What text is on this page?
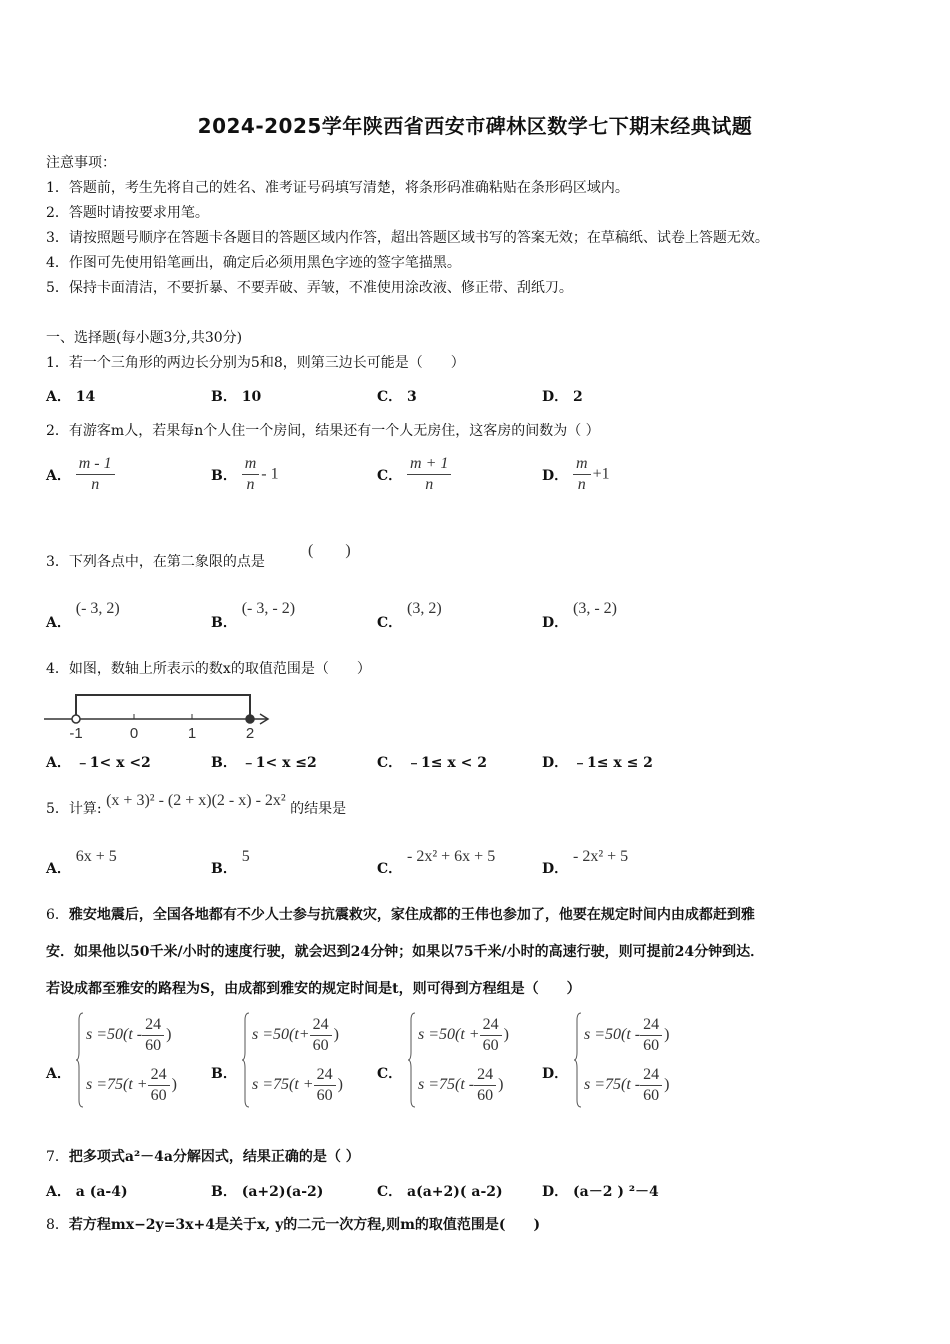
2024-2025学年陕西省西安市碑林区数学七下期末经典试题
注意事项：
1．答题前，考生先将自己的姓名、准考证号码填写清楚，将条形码准确粘贴在条形码区域内。
2．答题时请按要求用笔。
3．请按照题号顺序在答题卡各题目的答题区域内作答，超出答题区域书写的答案无效；在草稿纸、试卷上答题无效。
4．作图可先使用铅笔画出，确定后必须用黑色字迹的签字笔描黑。
5．保持卡面清洁，不要折暴、不要弄破、弄皱，不准使用涂改液、修正带、刮纸刀。
一、选择题(每小题3分,共30分)
1．若一个三角形的两边长分别为5和8，则第三边长可能是（　　）
A． 14	B． 10	C． 3	D． 2
2．有游客m人，若果每n个人住一个房间，结果还有一个人无房住，这客房的间数为（ ）
A． $\frac{m - 1}{n}$	B． $\frac{m}{n} - 1$	C． $\frac{m + 1}{n}$	D． $\frac{m}{n} +1$
3．下列各点中，在第二象限的点是
(　　)
A． (- 3, 2)
B． (- 3, - 2)
C． (3, 2)
D． (3, - 2)
4．如图，数轴上所表示的数x的取值范围是（　　）
-1	0	1	2
A． ﹣1< x <2	B． ﹣1< x ≤2	C． ﹣1≤ x < 2	D． ﹣1≤ x ≤ 2
5．计算: (x + 3)² - (2 + x)(2 - x) - 2x² 的结果是
A． 6x + 5
B． 5
C． - 2x² + 6x + 5
D． - 2x² + 5
6．雅安地震后，全国各地都有不少人士参与抗震救灾，家住成都的王伟也参加了，他要在规定时间内由成都赶到雅
安．如果他以50千米/小时的速度行驶，就会迟到24分钟；如果以75千米/小时的高速行驶，则可提前24分钟到达．
若设成都至雅安的路程为S，由成都到雅安的规定时间是t，则可得到方程组是（　　）
A．
$s =50(t - \frac{24}{60}$ )
$s =75(t + \frac{24}{60}$ )
B．
$s =50(t+ \frac{24}{60}$ )
$s =75(t + \frac{24}{60}$ )
C．
$s =50(t + \frac{24}{60}$ )
$s =75(t - \frac{24}{60}$ )
D．
$s =50(t - \frac{24}{60}$ )
$s =75(t - \frac{24}{60}$ )
7．把多项式a²－4a分解因式，结果正确的是（ ）
A． a (a-4)	B． (a+2)(a-2)	C． a(a+2)( a-2)	D． (a－2 ) ²－4
8．若方程mx−2y=3x+4是关于x, y的二元一次方程,则m的取值范围是(　　)
